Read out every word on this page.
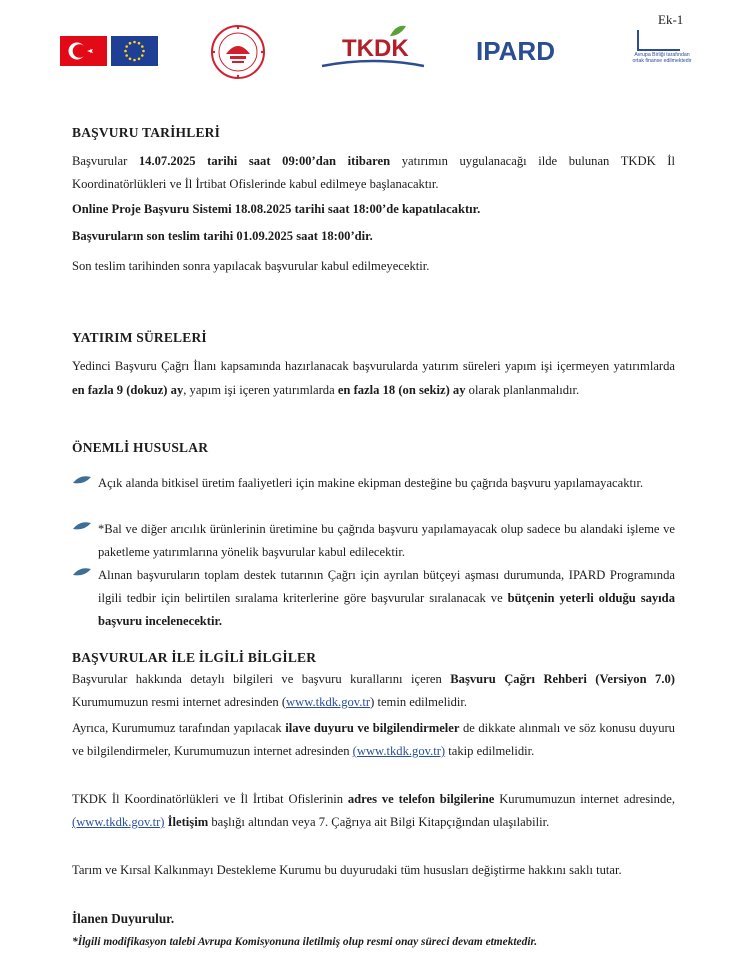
Ek-1
TKDK	IPARD	Avrupa Birliği tarafından
ortak finanse edilmektedir
BAŞVURU TARİHLERİ

Başvurular 14.07.2025 tarihi saat 09:00’dan itibaren yatırımın uygulanacağı ilde bulunan TKDK İl Koordinatörlükleri ve İl İrtibat Ofislerinde kabul edilmeye başlanacaktır.

Online Proje Başvuru Sistemi 18.08.2025 tarihi saat 18:00’de kapatılacaktır.

Başvuruların son teslim tarihi 01.09.2025 saat 18:00’dir.

Son teslim tarihinden sonra yapılacak başvurular kabul edilmeyecektir.

YATIRIM SÜRELERİ

Yedinci Başvuru Çağrı İlanı kapsamında hazırlanacak başvurularda yatırım süreleri yapım işi içermeyen yatırımlarda en fazla 9 (dokuz) ay, yapım işi içeren yatırımlarda en fazla 18 (on sekiz) ay olarak planlanmalıdır.

ÖNEMLİ HUSUSLAR

Açık alanda bitkisel üretim faaliyetleri için makine ekipman desteğine bu çağrıda başvuru yapılamayacaktır.

*Bal ve diğer arıcılık ürünlerinin üretimine bu çağrıda başvuru yapılamayacak olup sadece bu alandaki işleme ve paketleme yatırımlarına yönelik başvurular kabul edilecektir.

Alınan başvuruların toplam destek tutarının Çağrı için ayrılan bütçeyi aşması durumunda, IPARD Programında ilgili tedbir için belirtilen sıralama kriterlerine göre başvurular sıralanacak ve bütçenin yeterli olduğu sayıda başvuru incelenecektir.

BAŞVURULAR İLE İLGİLİ BİLGİLER

Başvurular hakkında detaylı bilgileri ve başvuru kurallarını içeren Başvuru Çağrı Rehberi (Versiyon 7.0) Kurumumuzun resmi internet adresinden (www.tkdk.gov.tr) temin edilmelidir.

Ayrıca, Kurumumuz tarafından yapılacak ilave duyuru ve bilgilendirmeler de dikkate alınmalı ve söz konusu duyuru ve bilgilendirmeler, Kurumumuzun internet adresinden (www.tkdk.gov.tr) takip edilmelidir.

TKDK İl Koordinatörlükleri ve İl İrtibat Ofislerinin adres ve telefon bilgilerine Kurumumuzun internet adresinde, (www.tkdk.gov.tr) İletişim başlığı altından veya 7. Çağrıya ait Bilgi Kitapçığından ulaşılabilir.

Tarım ve Kırsal Kalkınmayı Destekleme Kurumu bu duyurudaki tüm hususları değiştirme hakkını saklı tutar.

İlanen Duyurulur.

*İlgili modifikasyon talebi Avrupa Komisyonuna iletilmiş olup resmi onay süreci devam etmektedir.
